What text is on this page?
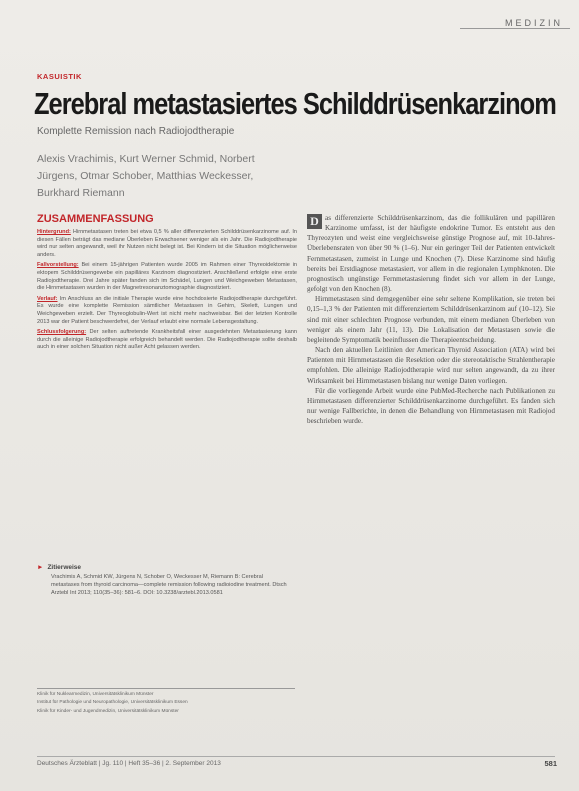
MEDIZIN
KASUISTIK
Zerebral metastasiertes Schilddrüsenkarzinom
Komplette Remission nach Radiojodtherapie
Alexis Vrachimis, Kurt Werner Schmid, Norbert Jürgens, Otmar Schober, Matthias Weckesser, Burkhard Riemann
ZUSAMMENFASSUNG

Hintergrund: Hirnmetastasen treten bei etwa 0,5 % aller differenzierten Schilddrüsenkarzinome auf. In diesen Fällen beträgt das mediane Überleben Erwachsener weniger als ein Jahr. Die Radiojodtherapie wird nur selten angewandt, weil ihr Nutzen nicht belegt ist. Bei Kindern ist die Situation möglicherweise anders.

Fallvorstellung: Bei einem 15-jährigen Patienten wurde 2005 im Rahmen einer Thyreoidektomie in ektopem Schilddrüsengewebe ein papilläres Karzinom diagnostiziert. Anschließend erfolgte eine erste Radiojodtherapie. Drei Jahre später fanden sich im Schädel, Lungen und Weichgeweben Metastasen, die Hirnmetastasen wurden in der Magnetresonanztomographie diagnostiziert.

Verlauf: Im Anschluss an die initiale Therapie wurde eine hochdosierte Radiojodtherapie durchgeführt. Es wurde eine komplette Remission sämtlicher Metastasen in Gehirn, Skelett, Lungen und Weichgeweben erzielt. Der Thyreoglobulin-Wert ist nicht mehr nachweisbar. Bei der letzten Kontrolle 2013 war der Patient beschwerdefrei, der Verlauf erlaubt eine normale Lebensgestaltung.

Schlussfolgerung: Der selten auftretende Krankheitsfall einer ausgedehnten Metastasierung kann durch die alleinige Radiojodtherapie erfolgreich behandelt werden. Die Radiojodtherapie sollte deshalb auch in einer solchen Situation nicht außer Acht gelassen werden.

► Zitierweise
Vrachimis A, Schmid KW, Jürgens N, Schober O, Weckesser M, Riemann B: Cerebral metastases from thyroid carcinoma—complete remission following radioiodine treatment. Dtsch Arztebl Int 2013; 110(35–36): 581–6. DOI: 10.3238/arztebl.2013.0581

Klinik für Nuklearmedizin, Universitätsklinikum Münster

Institut für Pathologie und Neuropathologie, Universitätsklinikum Essen

Klinik für Kinder- und Jugendmedizin, Universitätsklinikum Münster

D as differenzierte Schilddrüsenkarzinom, das die follikulären und papillären Karzinome umfasst, ist der häufigste endokrine Tumor. Es entsteht aus den Thyreozyten und weist eine vergleichsweise günstige Prognose auf, mit 10-Jahres-Überlebensraten von über 90 % (1–6). Nur ein geringer Teil der Patienten entwickelt Fernmetastasen, zumeist in Lunge und Knochen (7). Diese Karzinome sind häufig bereits bei Erstdiagnose metastasiert, vor allem in die regionalen Lymphknoten. Die prognostisch ungünstige Fernmetastasierung findet sich vor allem in der Lunge, gefolgt von den Knochen (8).

Hirnmetastasen sind demgegenüber eine sehr seltene Komplikation, sie treten bei 0,15–1,3 % der Patienten mit differenziertem Schilddrüsenkarzinom auf (10–12). Sie sind mit einer schlechten Prognose verbunden, mit einem medianen Überleben von weniger als einem Jahr (11, 13). Die Lokalisation der Metastasen sowie die begleitende Symptomatik beeinflussen die Therapieentscheidung.

Nach den aktuellen Leitlinien der American Thyroid Association (ATA) wird bei Patienten mit Hirnmetastasen die Resektion oder die stereotaktische Strahlentherapie empfohlen. Die alleinige Radiojodtherapie wird nur selten angewandt, da zu ihrer Wirksamkeit bei Hirnmetastasen bislang nur wenige Daten vorliegen.

Für die vorliegende Arbeit wurde eine PubMed-Recherche nach Publikationen zu Hirnmetastasen differenzierter Schilddrüsenkarzinome durchgeführt. Es fanden sich nur wenige Fallberichte, in denen die Behandlung von Hirnmetastasen mit Radiojod beschrieben wurde.

Deutsches Ärzteblatt | Jg. 110 | Heft 35–36 | 2. September 2013	581
